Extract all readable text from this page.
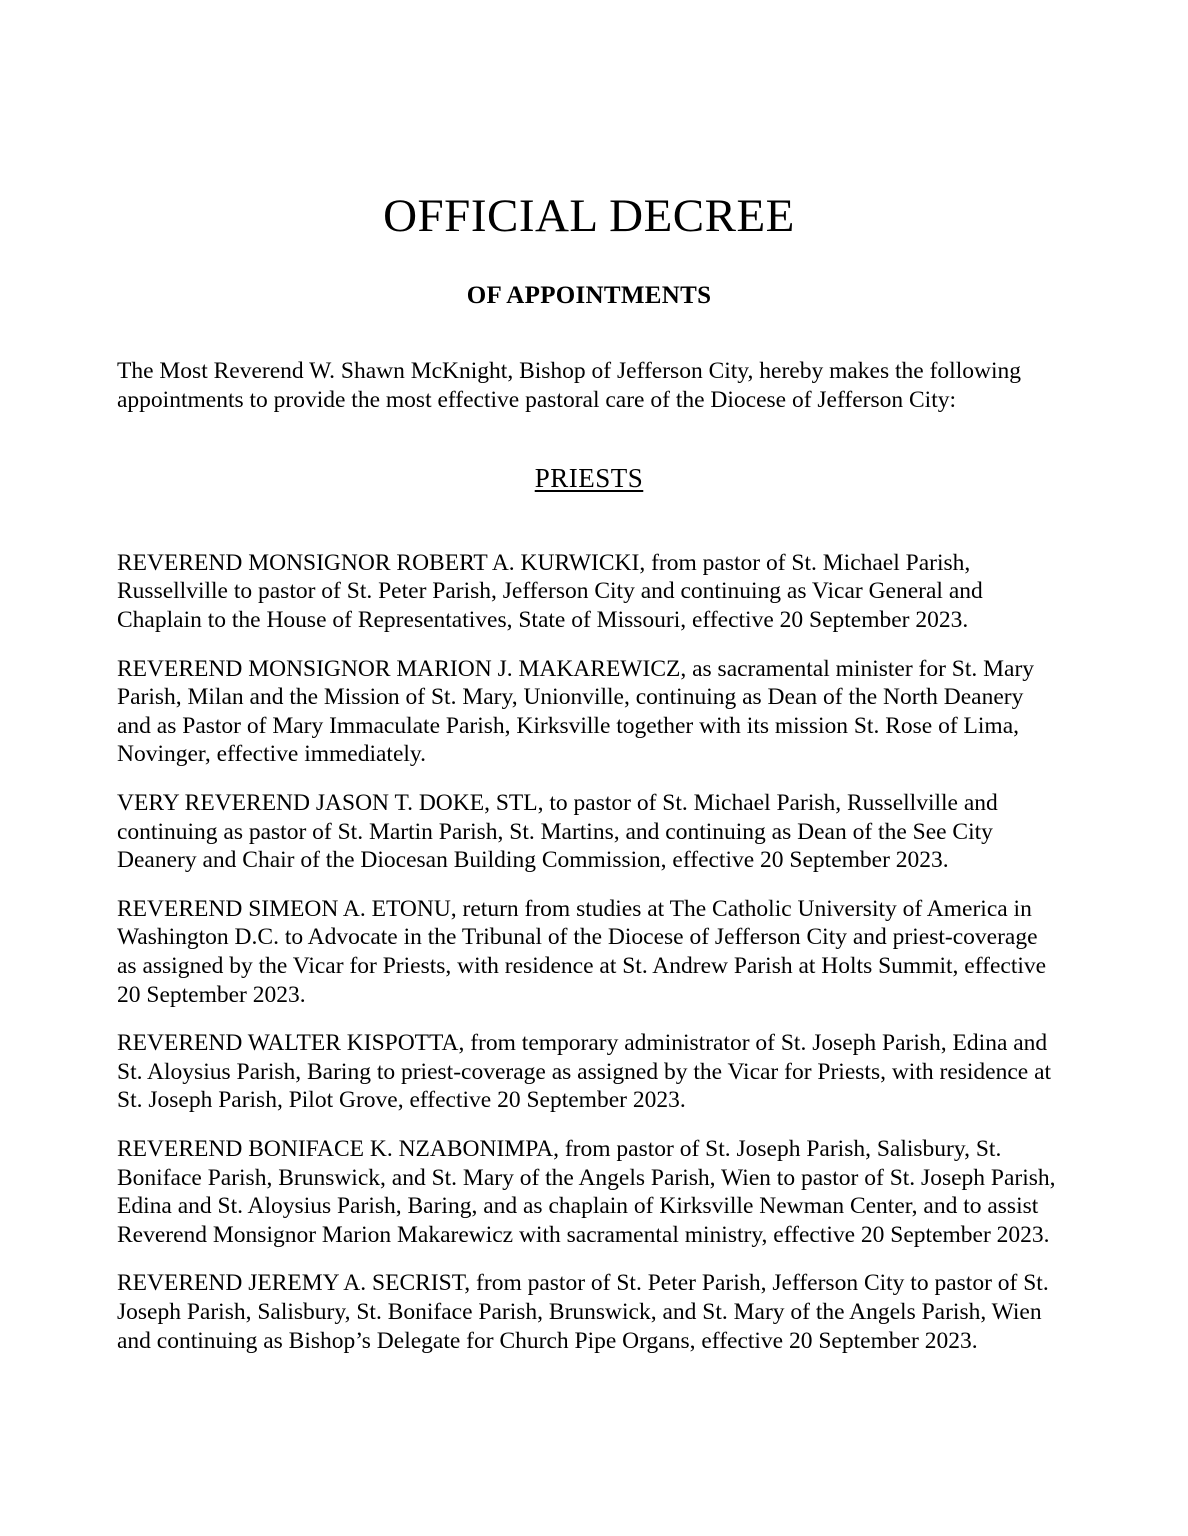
OFFICIAL DECREE
OF APPOINTMENTS

The Most Reverend W. Shawn McKnight, Bishop of Jefferson City, hereby makes the following appointments to provide the most effective pastoral care of the Diocese of Jefferson City:

PRIESTS
REVEREND MONSIGNOR ROBERT A. KURWICKI, from pastor of St. Michael Parish, Russellville to pastor of St. Peter Parish, Jefferson City and continuing as Vicar General and Chaplain to the House of Representatives, State of Missouri, effective 20 September 2023.
REVEREND MONSIGNOR MARION J. MAKAREWICZ, as sacramental minister for St. Mary Parish, Milan and the Mission of St. Mary, Unionville, continuing as Dean of the North Deanery and as Pastor of Mary Immaculate Parish, Kirksville together with its mission St. Rose of Lima, Novinger, effective immediately.
VERY REVEREND JASON T. DOKE, STL, to pastor of St. Michael Parish, Russellville and continuing as pastor of St. Martin Parish, St. Martins, and continuing as Dean of the See City Deanery and Chair of the Diocesan Building Commission, effective 20 September 2023.
REVEREND SIMEON A. ETONU, return from studies at The Catholic University of America in Washington D.C. to Advocate in the Tribunal of the Diocese of Jefferson City and priest-coverage as assigned by the Vicar for Priests, with residence at St. Andrew Parish at Holts Summit, effective 20 September 2023.
REVEREND WALTER KISPOTTA, from temporary administrator of St. Joseph Parish, Edina and St. Aloysius Parish, Baring to priest-coverage as assigned by the Vicar for Priests, with residence at St. Joseph Parish, Pilot Grove, effective 20 September 2023.
REVEREND BONIFACE K. NZABONIMPA, from pastor of St. Joseph Parish, Salisbury, St. Boniface Parish, Brunswick, and St. Mary of the Angels Parish, Wien to pastor of St. Joseph Parish, Edina and St. Aloysius Parish, Baring, and as chaplain of Kirksville Newman Center, and to assist Reverend Monsignor Marion Makarewicz with sacramental ministry, effective 20 September 2023.
REVEREND JEREMY A. SECRIST, from pastor of St. Peter Parish, Jefferson City to pastor of St. Joseph Parish, Salisbury, St. Boniface Parish, Brunswick, and St. Mary of the Angels Parish, Wien and continuing as Bishop’s Delegate for Church Pipe Organs, effective 20 September 2023.
